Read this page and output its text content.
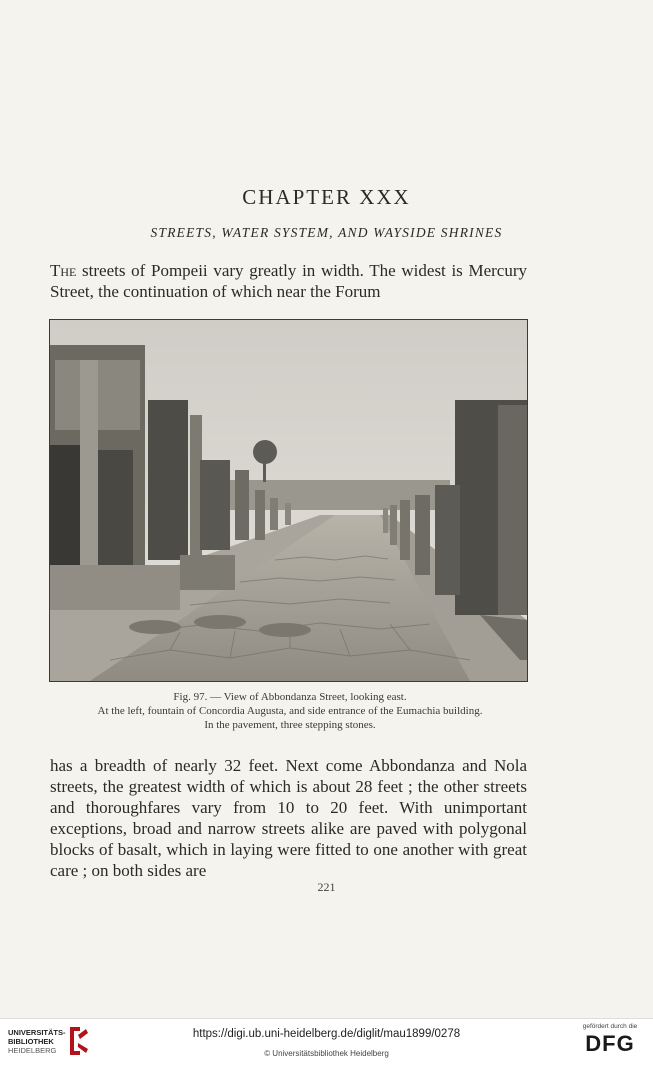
CHAPTER XXX
STREETS, WATER SYSTEM, AND WAYSIDE SHRINES

The streets of Pompeii vary greatly in width. The widest is Mercury Street, the continuation of which near the Forum

Fig. 97. — View of Abbondanza Street, looking east.
At the left, fountain of Concordia Augusta, and side entrance of the Eumachia building.
In the pavement, three stepping stones.

has a breadth of nearly 32 feet. Next come Abbondanza and Nola streets, the greatest width of which is about 28 feet ; the other streets and thoroughfares vary from 10 to 20 feet. With unimportant exceptions, broad and narrow streets alike are paved with polygonal blocks of basalt, which in laying were fitted to one another with great care ; on both sides are

221
UNIVERSITÄTS-
BIBLIOTHEK
HEIDELBERG
https://digi.ub.uni-heidelberg.de/diglit/mau1899/0278
© Universitätsbibliothek Heidelberg
gefördert durch die
DFG
